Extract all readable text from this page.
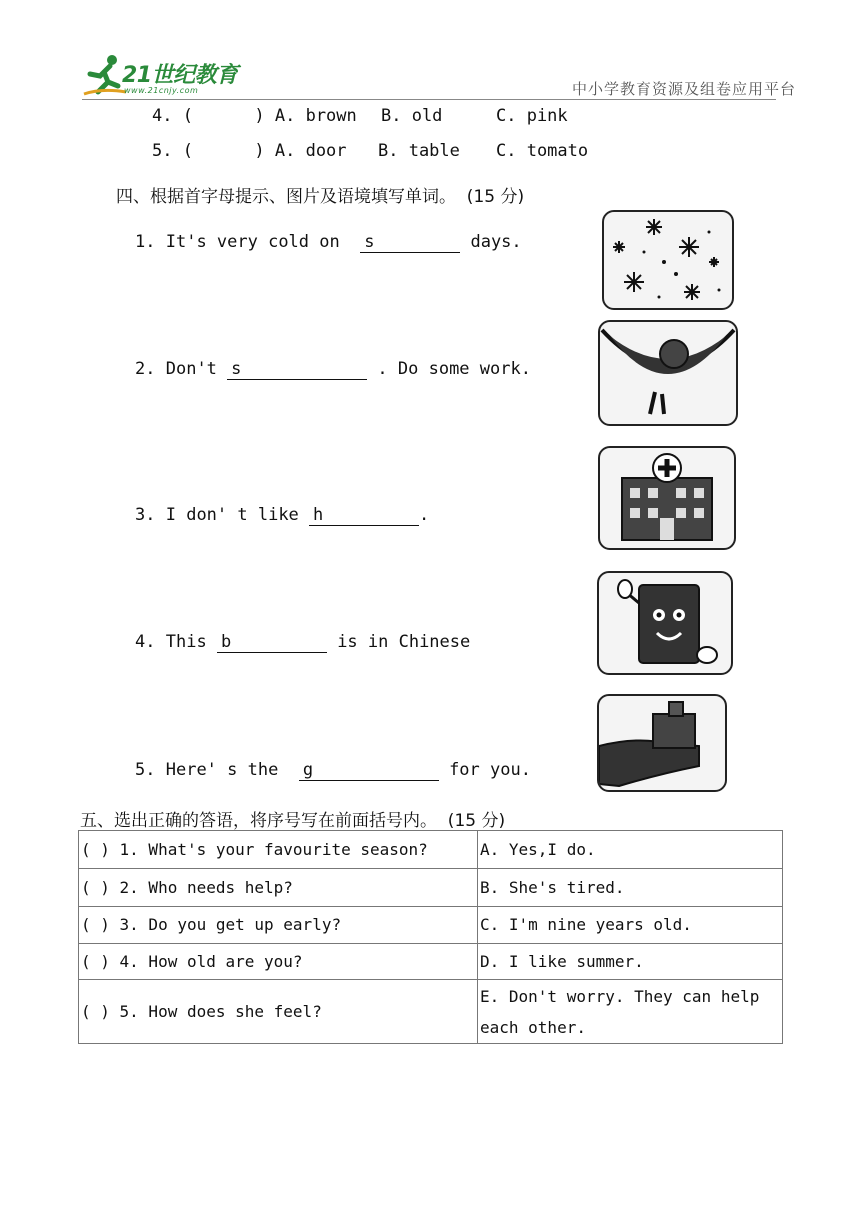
21世纪教育
www.21cnjy.com	中小学教育资源及组卷应用平台
4. (      ) A. brown B. old	C. pink
5. (      ) A. door B. table C. tomato
四、根据首字母提示、图片及语境填写单词。  (15 分)
1. It's very cold on s	days.
2. Don't s	. Do some work.
3. I don' t like h	.
4. This b	is in Chinese
5. Here' s the g	for you.
五、选出正确的答语，将序号写在前面括号内。  (15 分)
( ) 1. What's your favourite season?	A. Yes,I do.
( ) 2. Who needs help?	B. She's tired.
( ) 3. Do you get up early?	C. I'm nine years old.
( ) 4. How old are you?	D. I like summer.
( ) 5. How does she feel?	E. Don't worry. They can help each other.
